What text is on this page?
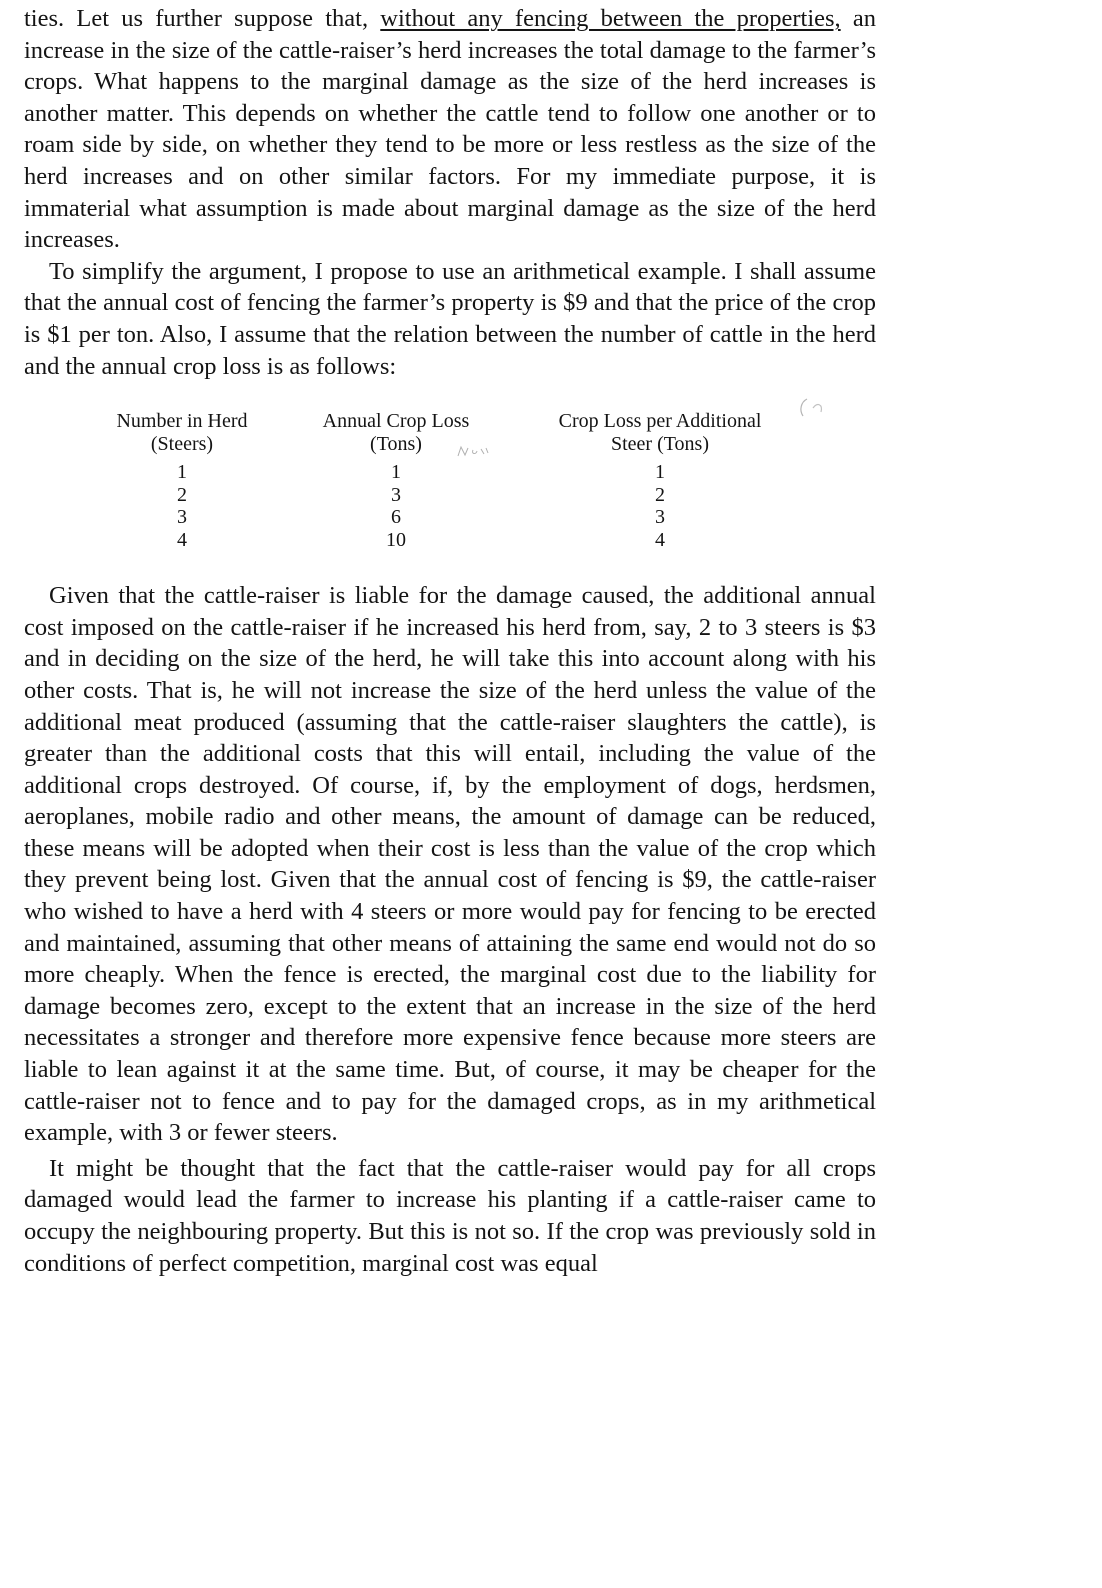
ties. Let us further suppose that, without any fencing between the properties, an increase in the size of the cattle-raiser’s herd increases the total damage to the farmer’s crops. What happens to the marginal damage as the size of the herd increases is another matter. This depends on whether the cattle tend to follow one another or to roam side by side, on whether they tend to be more or less restless as the size of the herd increases and on other similar factors. For my immediate purpose, it is immaterial what assumption is made about marginal damage as the size of the herd increases.

To simplify the argument, I propose to use an arithmetical example. I shall assume that the annual cost of fencing the farmer’s property is $9 and that the price of the crop is $1 per ton. Also, I assume that the relation between the number of cattle in the herd and the annual crop loss is as follows:

Number in Herd
(Steers)
1
2
3
4
Annual Crop Loss
(Tons)
1
3
6
10
Crop Loss per Additional
Steer (Tons)
1
2
3
4

Given that the cattle-raiser is liable for the damage caused, the additional annual cost imposed on the cattle-raiser if he increased his herd from, say, 2 to 3 steers is $3 and in deciding on the size of the herd, he will take this into account along with his other costs. That is, he will not increase the size of the herd unless the value of the additional meat produced (assuming that the cattle-raiser slaughters the cattle), is greater than the additional costs that this will entail, including the value of the additional crops destroyed. Of course, if, by the employment of dogs, herdsmen, aeroplanes, mobile radio and other means, the amount of damage can be reduced, these means will be adopted when their cost is less than the value of the crop which they prevent being lost. Given that the annual cost of fencing is $9, the cattle-raiser who wished to have a herd with 4 steers or more would pay for fencing to be erected and maintained, assuming that other means of attaining the same end would not do so more cheaply. When the fence is erected, the marginal cost due to the liability for damage becomes zero, except to the extent that an increase in the size of the herd necessitates a stronger and therefore more expensive fence because more steers are liable to lean against it at the same time. But, of course, it may be cheaper for the cattle-raiser not to fence and to pay for the damaged crops, as in my arithmetical example, with 3 or fewer steers.

It might be thought that the fact that the cattle-raiser would pay for all crops damaged would lead the farmer to increase his planting if a cattle-raiser came to occupy the neighbouring property. But this is not so. If the crop was previously sold in conditions of perfect competition, marginal cost was equal
